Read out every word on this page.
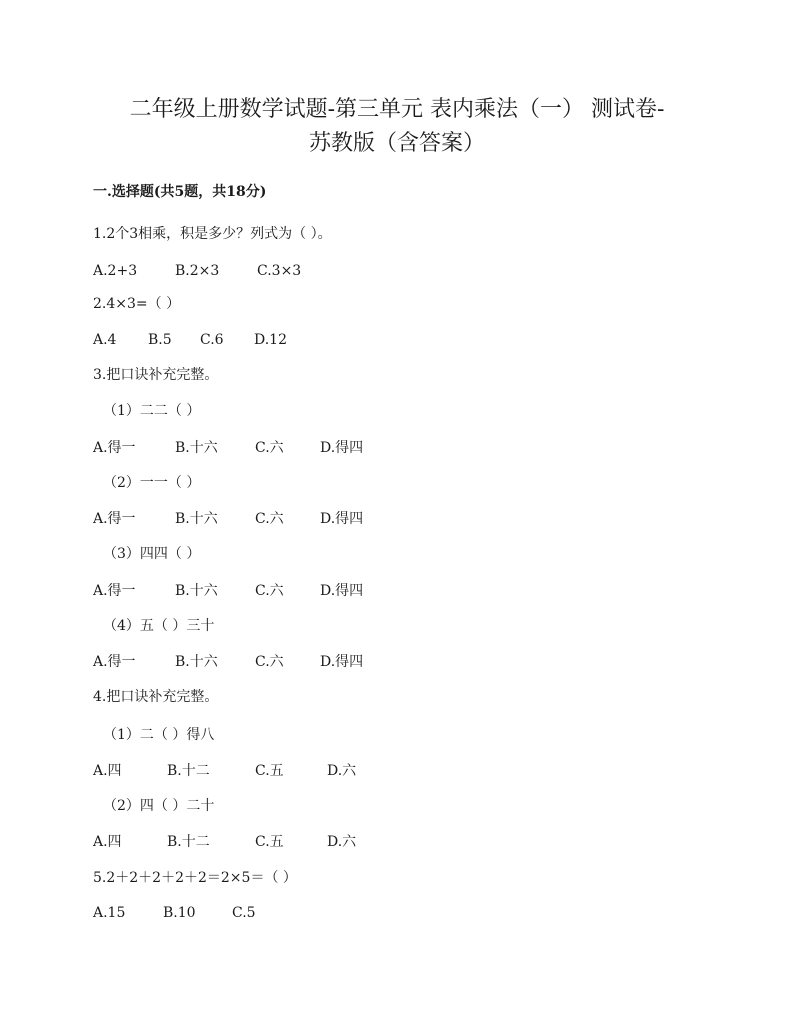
二年级上册数学试题-第三单元 表内乘法（一） 测试卷-
苏教版（含答案）
一.选择题(共5题，共18分)
1.2个3相乘，积是多少？列式为（ ）。
A.2+3	B.2×3	C.3×3
2.4×3=（ ）
A.4 B.5 C.6 D.12
3.把口诀补充完整。
（1）二二（ ）
A.得一	B.十六	C.六	D.得四
（2）一一（ ）
A.得一	B.十六	C.六	D.得四
（3）四四（ ）
A.得一	B.十六	C.六	D.得四
（4）五（ ）三十
A.得一	B.十六	C.六	D.得四
4.把口诀补充完整。
（1）二（ ）得八
A.四	B.十二	C.五	D.六
（2）四（ ）二十
A.四	B.十二	C.五	D.六
5.2＋2＋2＋2＋2＝2×5＝（ ）
A.15	B.10	C.5
